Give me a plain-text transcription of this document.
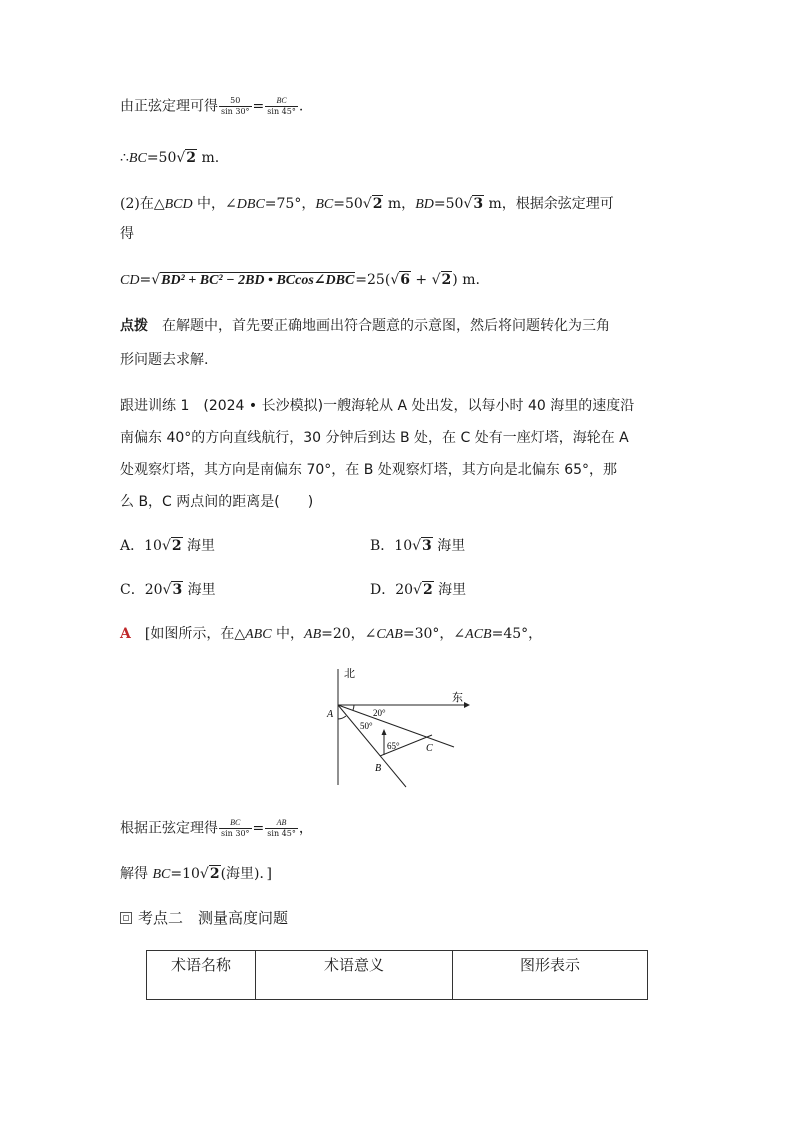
由正弦定理可得 $\frac{50}{\sin 30^\circ} = \frac{BC}{\sin 45^\circ}$ .
∴BC=50√2 m.
(2)在△BCD 中，∠DBC=75°，BC=50√2 m，BD=50√3 m，根据余弦定理可
得
CD=√BD² + BC² − 2BD • BCcos∠DBC=25(√6 + √2) m.
点拨　 在解题中，首先要正确地画出符合题意的示意图，然后将问题转化为三角
形问题去求解.
跟进训练 1　 (2024 • 长沙模拟)一艘海轮从 A 处出发，以每小时 40 海里的速度沿
南偏东 40°的方向直线航行，30 分钟后到达 B 处，在 C 处有一座灯塔，海轮在 A
处观察灯塔，其方向是南偏东 70°，在 B 处观察灯塔，其方向是北偏东 65°，那
么 B，C 两点间的距离是(　　)
A．10√2 海里	B．10√3 海里
C．20√3 海里	D．20√2 海里
A　 [如图所示，在△ABC 中，AB=20，∠CAB=30°，∠ACB=45°，
北
东
A
B
C
20°
50°
65°
根据正弦定理得 $\frac{BC}{\sin 30^\circ} = \frac{AB}{\sin 45^\circ}$ ，
解得 BC=10√2(海里)．]
考点二　测量高度问题
术语名称	术语意义	图形表示
